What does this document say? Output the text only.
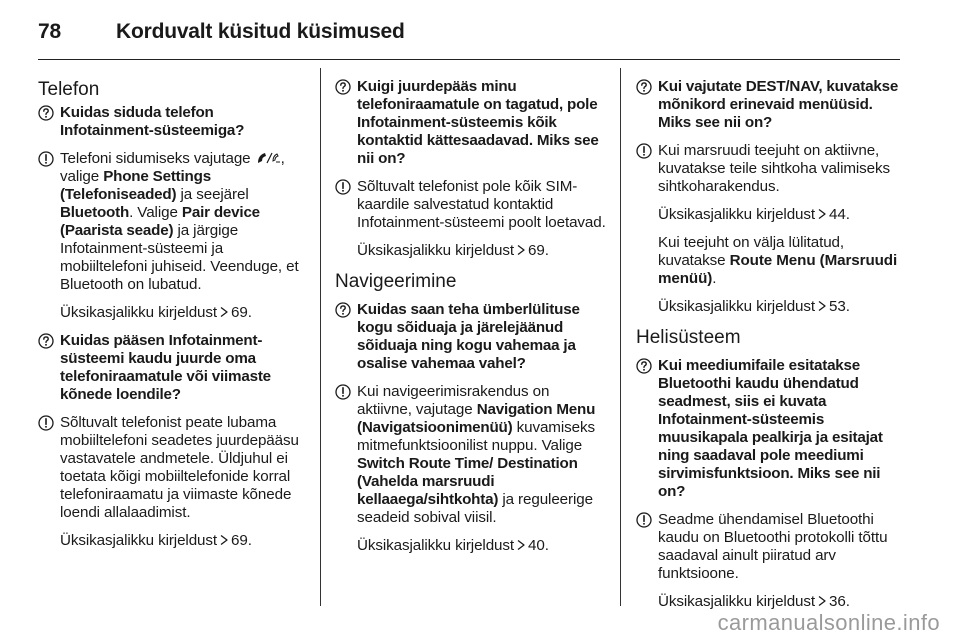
78	Korduvalt küsitud küsimused
Telefon
Kuidas siduda telefon Infotainment-süsteemiga?
Telefoni sidumiseks vajutage , valige Phone Settings (Telefoniseaded) ja seejärel Bluetooth. Valige Pair device (Paarista seade) ja järgige Infotainment-süsteemi ja mobiiltelefoni juhiseid. Veenduge, et Bluetooth on lubatud.
Üksikasjalikku kirjeldust 69.
Kuidas pääsen Infotainment-süsteemi kaudu juurde oma telefoniraamatule või viimaste kõnede loendile?
Sõltuvalt telefonist peate lubama mobiiltelefoni seadetes juurdepääsu vastavatele andmetele. Üldjuhul ei toetata kõigi mobiiltelefonide korral telefoniraamatu ja viimaste kõnede loendi allalaadimist.
Üksikasjalikku kirjeldust 69.
Kuigi juurdepääs minu telefoniraamatule on tagatud, pole Infotainment-süsteemis kõik kontaktid kättesaadavad. Miks see nii on?
Sõltuvalt telefonist pole kõik SIM-kaardile salvestatud kontaktid Infotainment-süsteemi poolt loetavad.
Üksikasjalikku kirjeldust 69.
Navigeerimine
Kuidas saan teha ümberlülituse kogu sõiduaja ja järelejäänud sõiduaja ning kogu vahemaa ja osalise vahemaa vahel?
Kui navigeerimisrakendus on aktiivne, vajutage Navigation Menu (Navigatsioonimenüü) kuvamiseks mitmefunktsioonilist nuppu. Valige Switch Route Time/ Destination (Vahelda marsruudi kellaaega/sihtkohta) ja reguleerige seadeid sobival viisil.
Üksikasjalikku kirjeldust 40.
Kui vajutate DEST/NAV, kuvatakse mõnikord erinevaid menüüsid. Miks see nii on?
Kui marsruudi teejuht on aktiivne, kuvatakse teile sihtkoha valimiseks sihtkoharakendus.
Üksikasjalikku kirjeldust 44.
Kui teejuht on välja lülitatud, kuvatakse Route Menu (Marsruudi menüü).
Üksikasjalikku kirjeldust 53.
Helisüsteem
Kui meediumifaile esitatakse Bluetoothi kaudu ühendatud seadmest, siis ei kuvata Infotainment-süsteemis muusikapala pealkirja ja esitajat ning saadaval pole meediumi sirvimisfunktsioon. Miks see nii on?
Seadme ühendamisel Bluetoothi kaudu on Bluetoothi protokolli tõttu saadaval ainult piiratud arv funktsioone.
Üksikasjalikku kirjeldust 36.
carmanualsonline.info
